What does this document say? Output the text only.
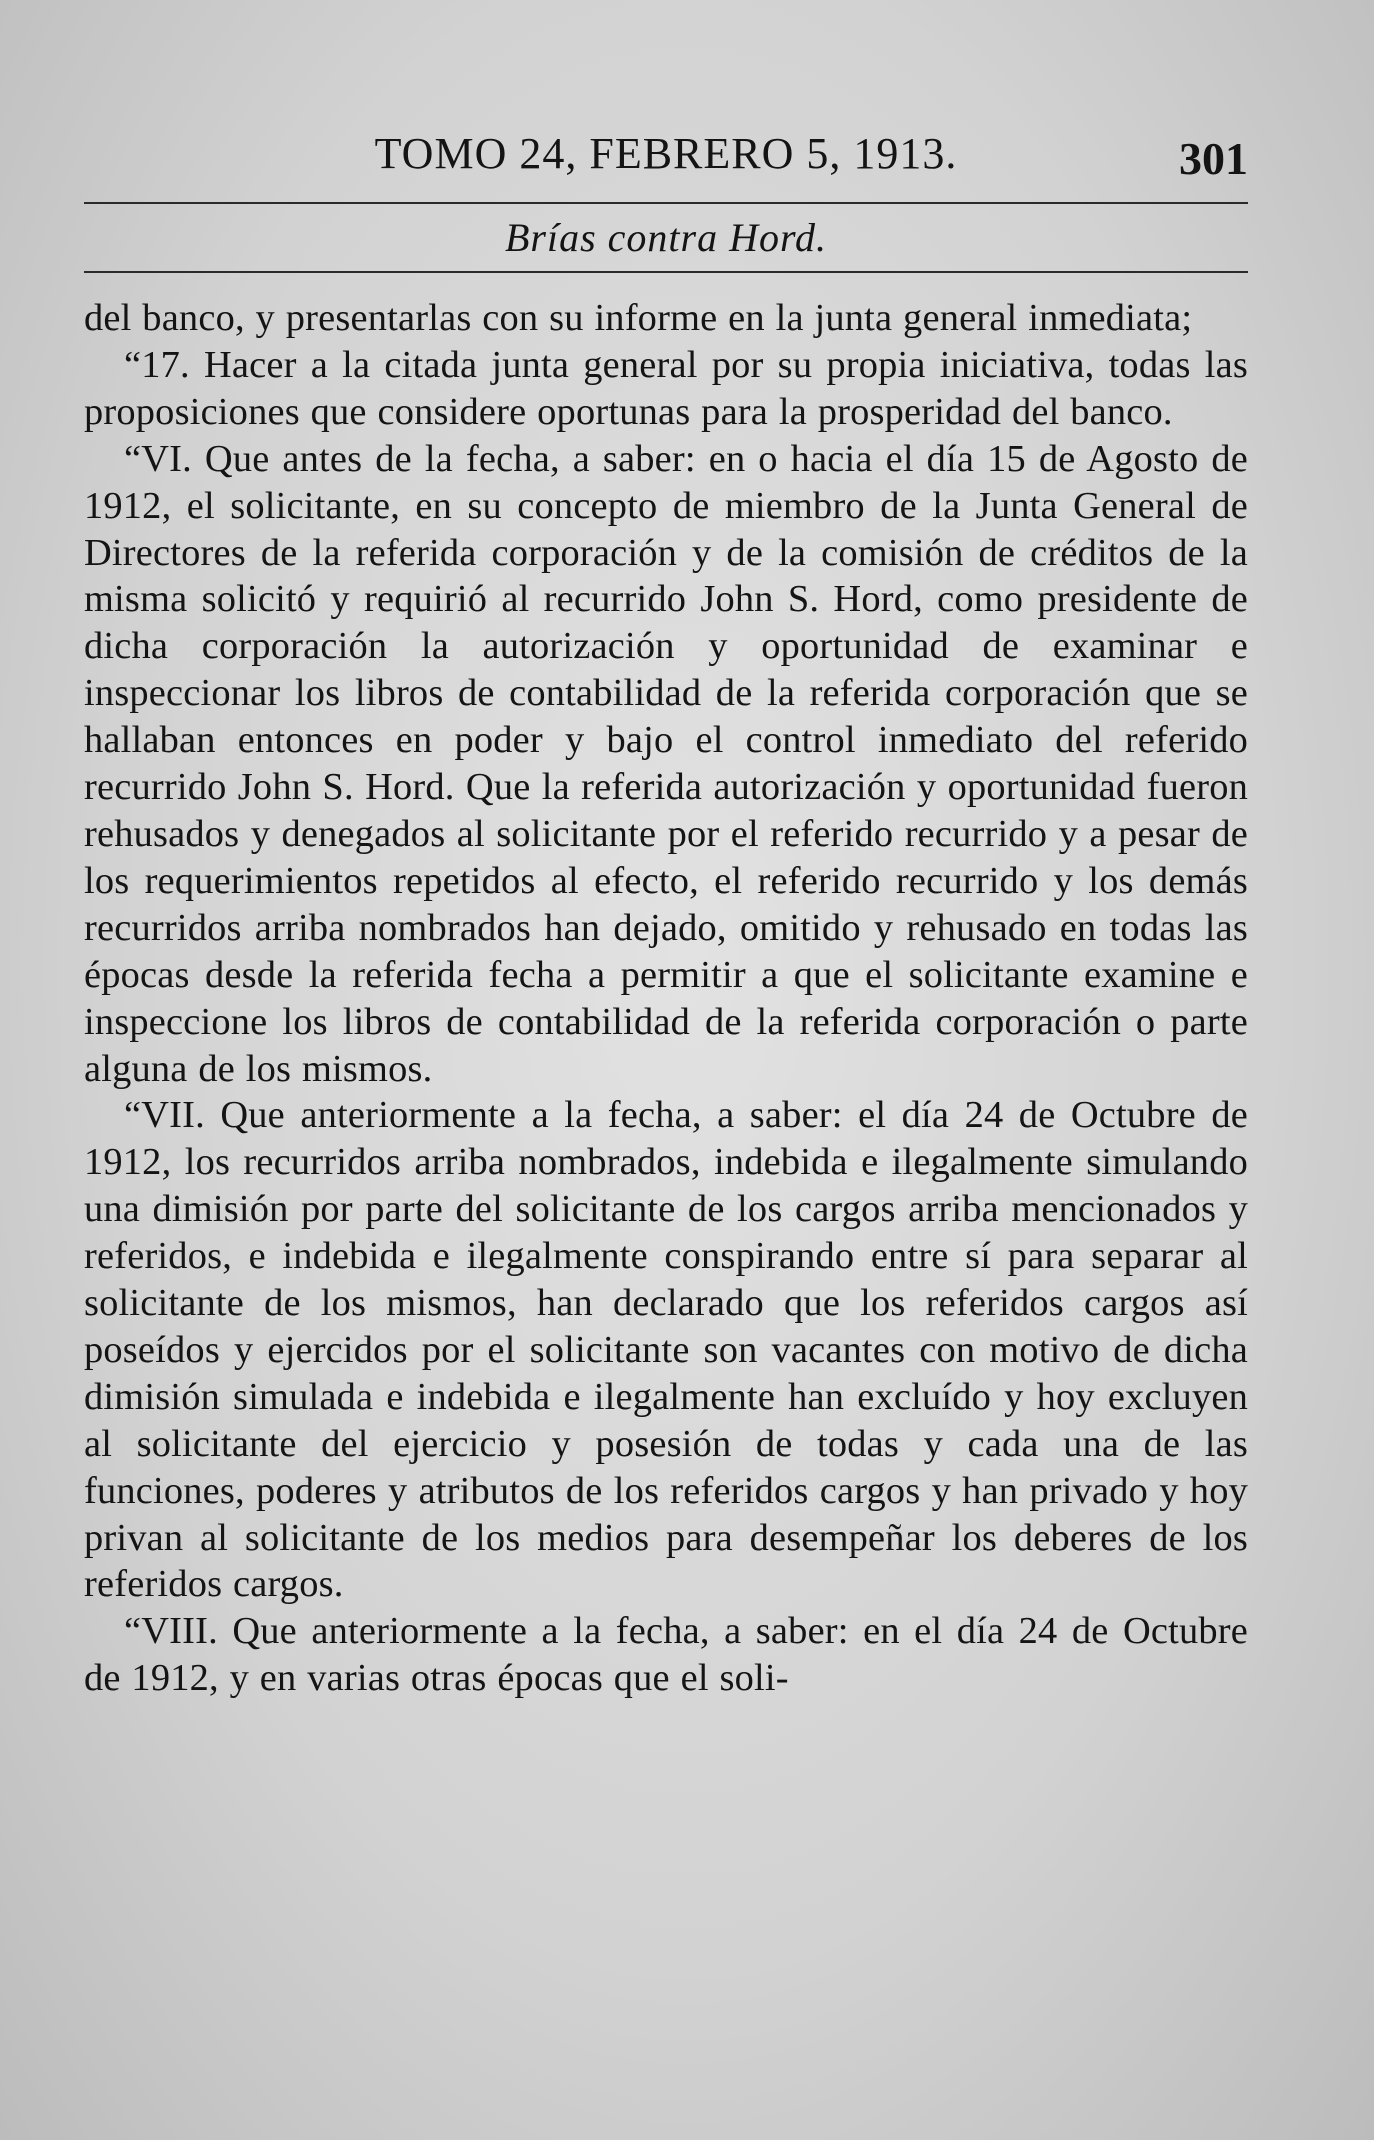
TOMO 24, FEBRERO 5, 1913.	301
Brías contra Hord.

del banco, y presentarlas con su informe en la junta general inmediata;

“17. Hacer a la citada junta general por su propia iniciativa, todas las proposiciones que considere oportunas para la prosperidad del banco.

“VI. Que antes de la fecha, a saber: en o hacia el día 15 de Agosto de 1912, el solicitante, en su concepto de miembro de la Junta General de Directores de la referida corporación y de la comisión de créditos de la misma solicitó y requirió al recurrido John S. Hord, como presidente de dicha corporación la autorización y oportunidad de examinar e inspeccionar los libros de contabilidad de la referida corporación que se hallaban entonces en poder y bajo el control inmediato del referido recurrido John S. Hord. Que la referida autorización y oportunidad fueron rehusados y denegados al solicitante por el referido recurrido y a pesar de los requerimientos repetidos al efecto, el referido recurrido y los demás recurridos arriba nombrados han dejado, omitido y rehusado en todas las épocas desde la referida fecha a permitir a que el solicitante examine e inspeccione los libros de contabilidad de la referida corporación o parte alguna de los mismos.

“VII. Que anteriormente a la fecha, a saber: el día 24 de Octubre de 1912, los recurridos arriba nombrados, indebida e ilegalmente simulando una dimisión por parte del solicitante de los cargos arriba mencionados y referidos, e indebida e ilegalmente conspirando entre sí para separar al solicitante de los mismos, han declarado que los referidos cargos así poseídos y ejercidos por el solicitante son vacantes con motivo de dicha dimisión simulada e indebida e ilegalmente han excluído y hoy excluyen al solicitante del ejercicio y posesión de todas y cada una de las funciones, poderes y atributos de los referidos cargos y han privado y hoy privan al solicitante de los medios para desempeñar los deberes de los referidos cargos.

“VIII. Que anteriormente a la fecha, a saber: en el día 24 de Octubre de 1912, y en varias otras épocas que el soli-
